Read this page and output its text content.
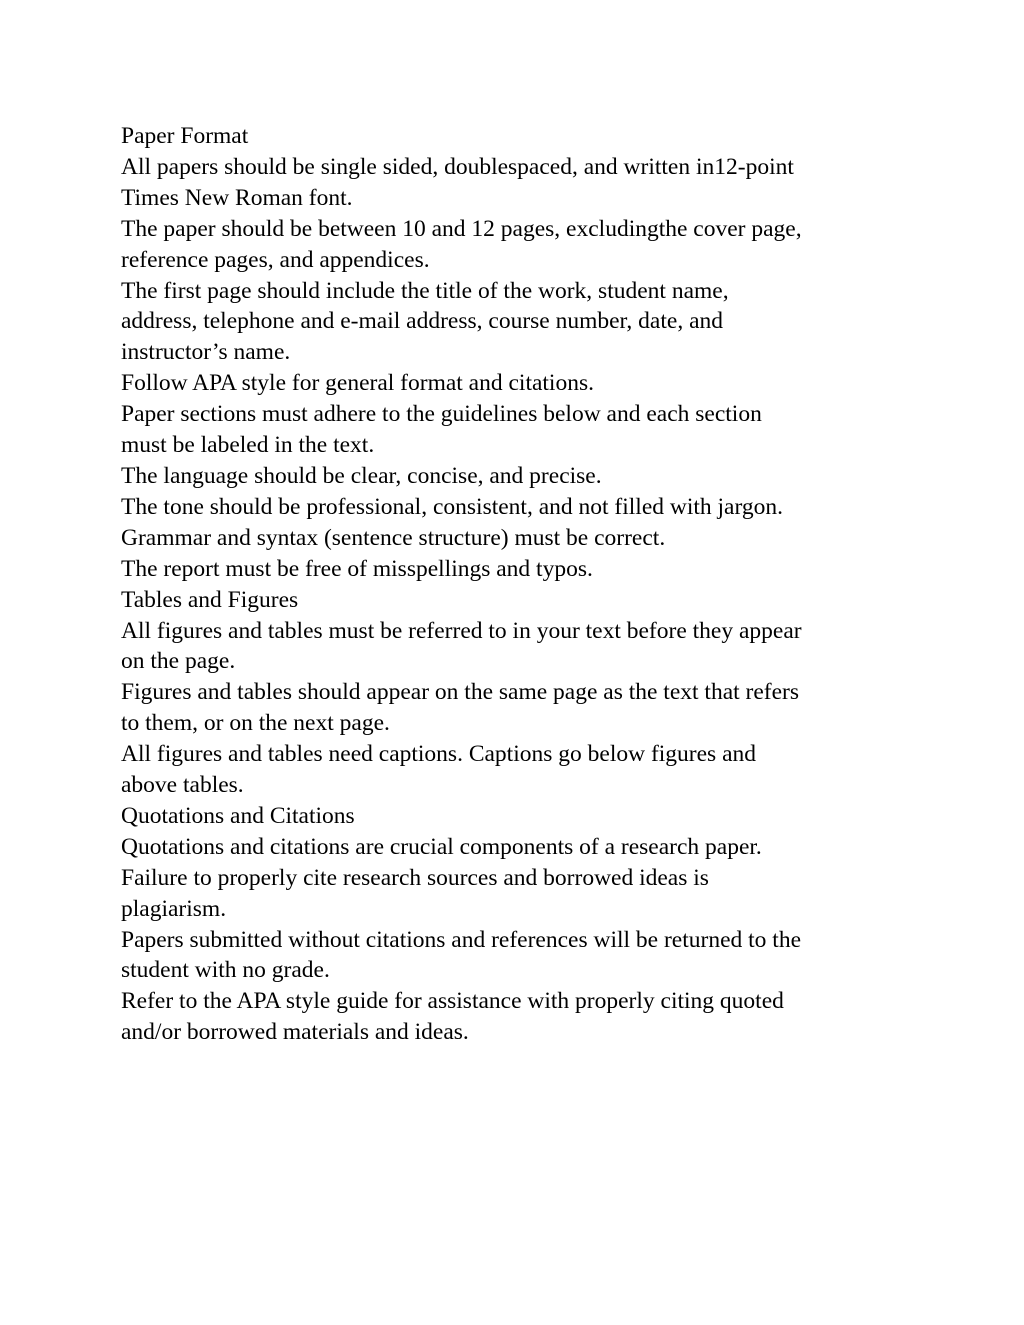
Paper Format
All papers should be single sided, doublespaced, and written in12-point
Times New Roman font.
The paper should be between 10 and 12 pages, excludingthe cover page,
reference pages, and appendices.
The first page should include the title of the work, student name,
address, telephone and e-mail address, course number, date, and
instructor’s name.
Follow APA style for general format and citations.
Paper sections must adhere to the guidelines below and each section
must be labeled in the text.
The language should be clear, concise, and precise.
The tone should be professional, consistent, and not filled with jargon.
Grammar and syntax (sentence structure) must be correct.
The report must be free of misspellings and typos.
Tables and Figures
All figures and tables must be referred to in your text before they appear
on the page.
Figures and tables should appear on the same page as the text that refers
to them, or on the next page.
All figures and tables need captions. Captions go below figures and
above tables.
Quotations and Citations
Quotations and citations are crucial components of a research paper.
Failure to properly cite research sources and borrowed ideas is
plagiarism.
Papers submitted without citations and references will be returned to the
student with no grade.
Refer to the APA style guide for assistance with properly citing quoted
and/or borrowed materials and ideas.
